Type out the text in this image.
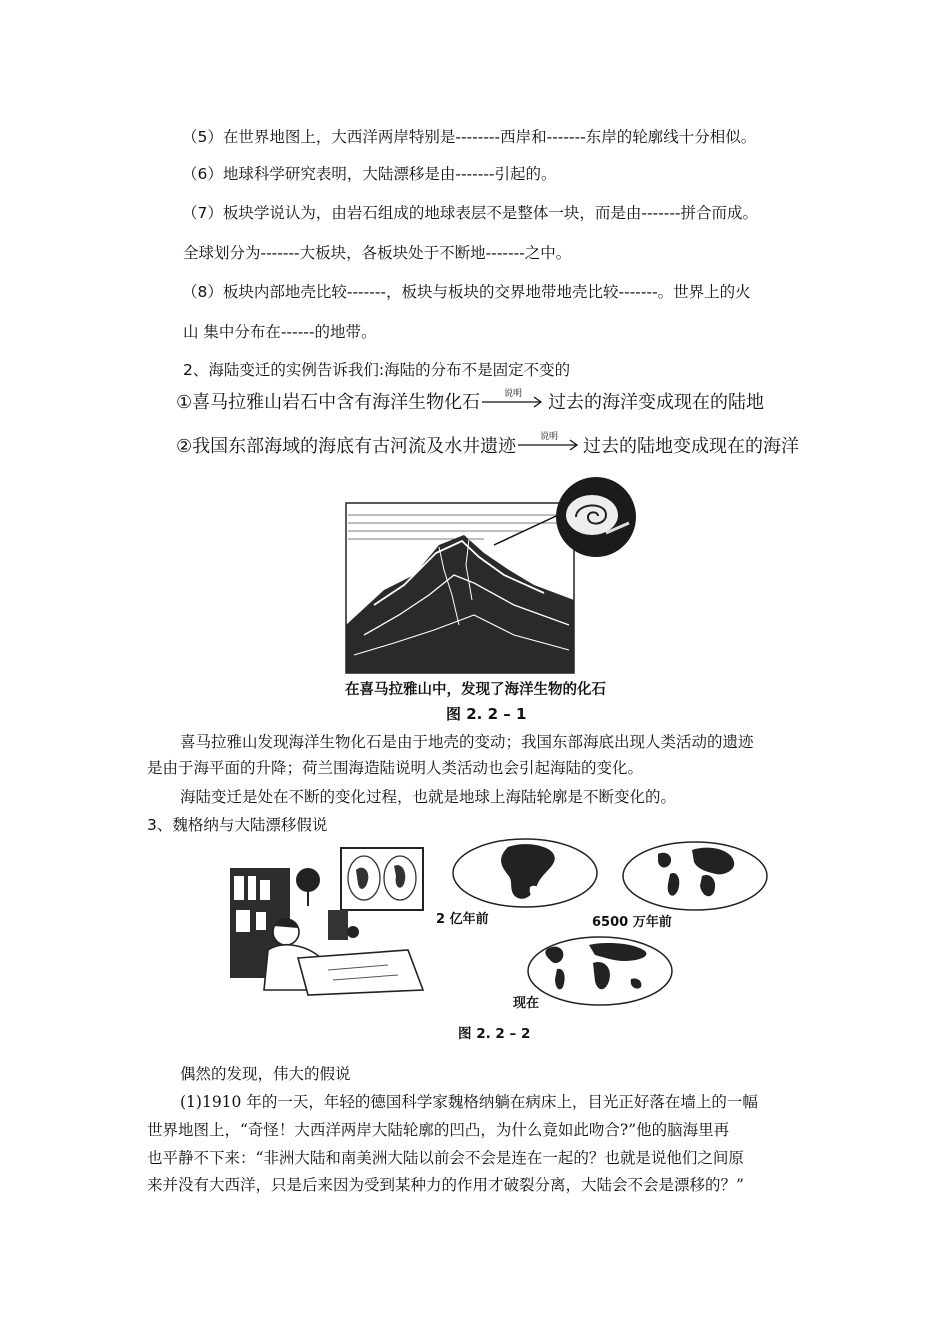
（5）在世界地图上，大西洋两岸特别是--------西岸和-------东岸的轮廓线十分相似。
（6）地球科学研究表明，大陆漂移是由-------引起的。
（7）板块学说认为，由岩石组成的地球表层不是整体一块，而是由-------拼合而成。
全球划分为-------大板块，各板块处于不断地-------之中。
（8）板块内部地壳比较-------，板块与板块的交界地带地壳比较-------。世界上的火
山 集中分布在------的地带。
2、海陆变迁的实例告诉我们:海陆的分布不是固定不变的
①喜马拉雅山岩石中含有海洋生物化石	说明 过去的海洋变成现在的陆地
②我国东部海域的海底有古河流及水井遗迹	说明 过去的陆地变成现在的海洋
在喜马拉雅山中，发现了海洋生物的化石
图 2. 2 – 1
喜马拉雅山发现海洋生物化石是由于地壳的变动；我国东部海底出现人类活动的遗迹
是由于海平面的升降；荷兰围海造陆说明人类活动也会引起海陆的变化。
海陆变迁是处在不断的变化过程，也就是地球上海陆轮廓是不断变化的。
3、魏格纳与大陆漂移假说
2 亿年前	6500 万年前
现在
图 2. 2 – 2
偶然的发现，伟大的假说
(1)1910 年的一天，年轻的德国科学家魏格纳躺在病床上，目光正好落在墙上的一幅
世界地图上，“奇怪！大西洋两岸大陆轮廓的凹凸，为什么竟如此吻合?”他的脑海里再
也平静不下来：“非洲大陆和南美洲大陆以前会不会是连在一起的？也就是说他们之间原
来并没有大西洋，只是后来因为受到某种力的作用才破裂分离，大陆会不会是漂移的？”
